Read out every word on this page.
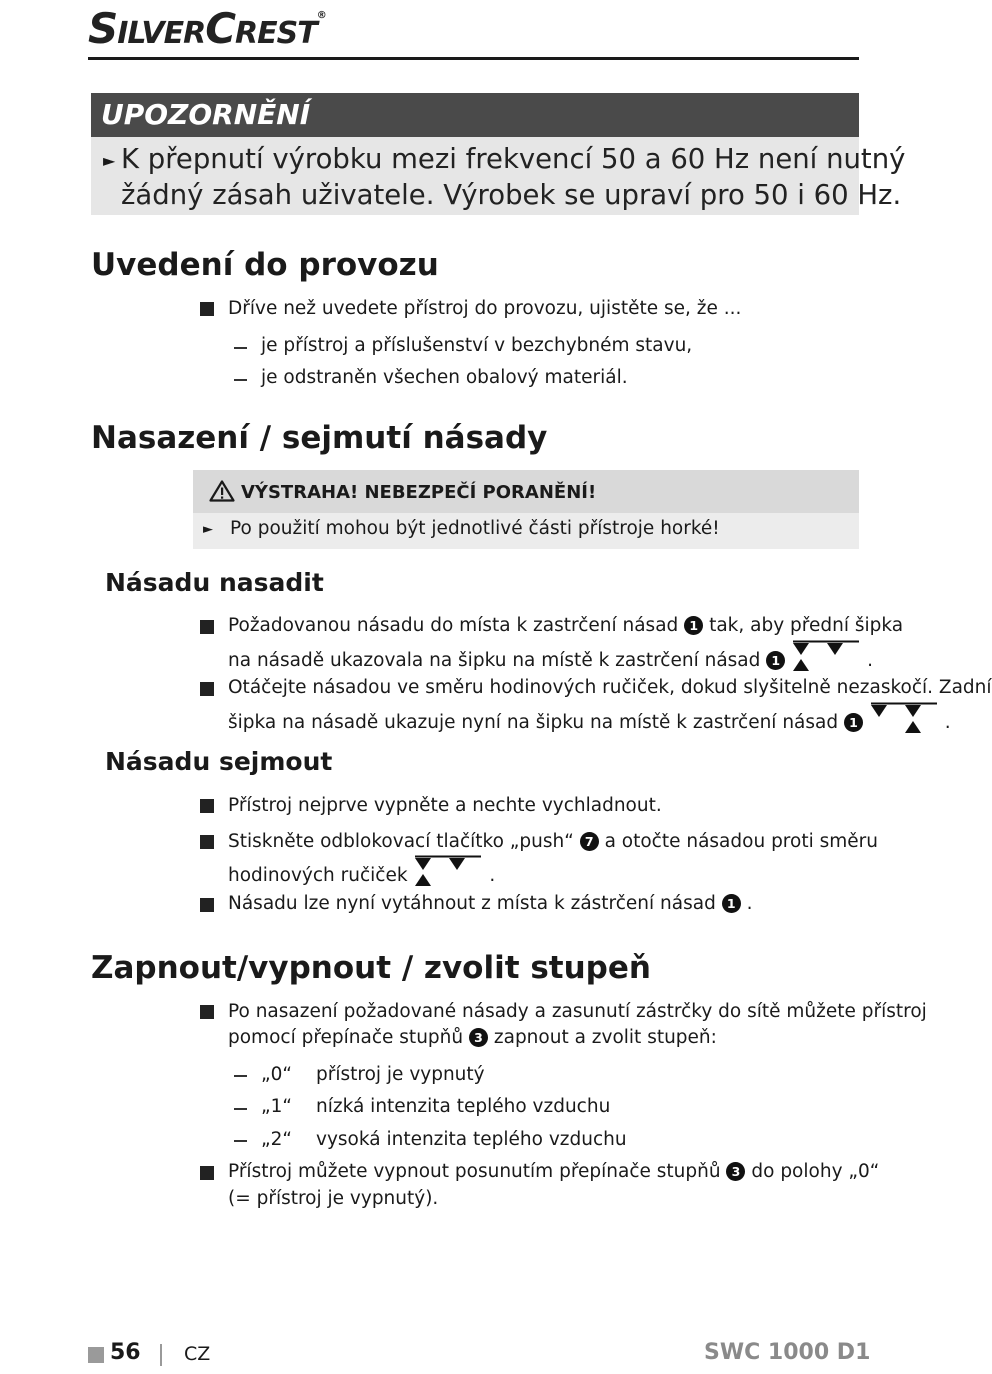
SILVERCREST®
UPOZORNĚNÍ
► K přepnutí výrobku mezi frekvencí 50 a 60 Hz není nutný
žádný zásah uživatele. Výrobek se upraví pro 50 i 60 Hz.
Uvedení do provozu
Dříve než uvedete přístroj do provozu, ujistěte se, že ...
je přístroj a příslušenství v bezchybném stavu,
je odstraněn všechen obalový materiál.
Nasazení / sejmutí násady
VÝSTRAHA! NEBEZPEČÍ PORANĚNÍ!
► Po použití mohou být jednotlivé části přístroje horké!
Násadu nasadit
Požadovanou násadu do místa k zastrčení násad 1 tak, aby přední šipka
na násadě ukazovala na šipku na místě k zastrčení násad 1	.
Otáčejte násadou ve směru hodinových ručiček, dokud slyšitelně nezaskočí. Zadní
šipka na násadě ukazuje nyní na šipku na místě k zastrčení násad 1	.
Násadu sejmout
Přístroj nejprve vypněte a nechte vychladnout.
Stiskněte odblokovací tlačítko „push“ 7 a otočte násadou proti směru
hodinových ručiček	.
Násadu lze nyní vytáhnout z místa k zástrčení násad 1 .
Zapnout/vypnout / zvolit stupeň
Po nasazení požadované násady a zasunutí zástrčky do sítě můžete přístroj
pomocí přepínače stupňů 3 zapnout a zvolit stupeň:
„0“ přístroj je vypnutý
„1“ nízká intenzita teplého vzduchu
„2“ vysoká intenzita teplého vzduchu
Přístroj můžete vypnout posunutím přepínače stupňů 3 do polohy „0“
(= přístroj je vypnutý).
56 CZ	SWC 1000 D1
